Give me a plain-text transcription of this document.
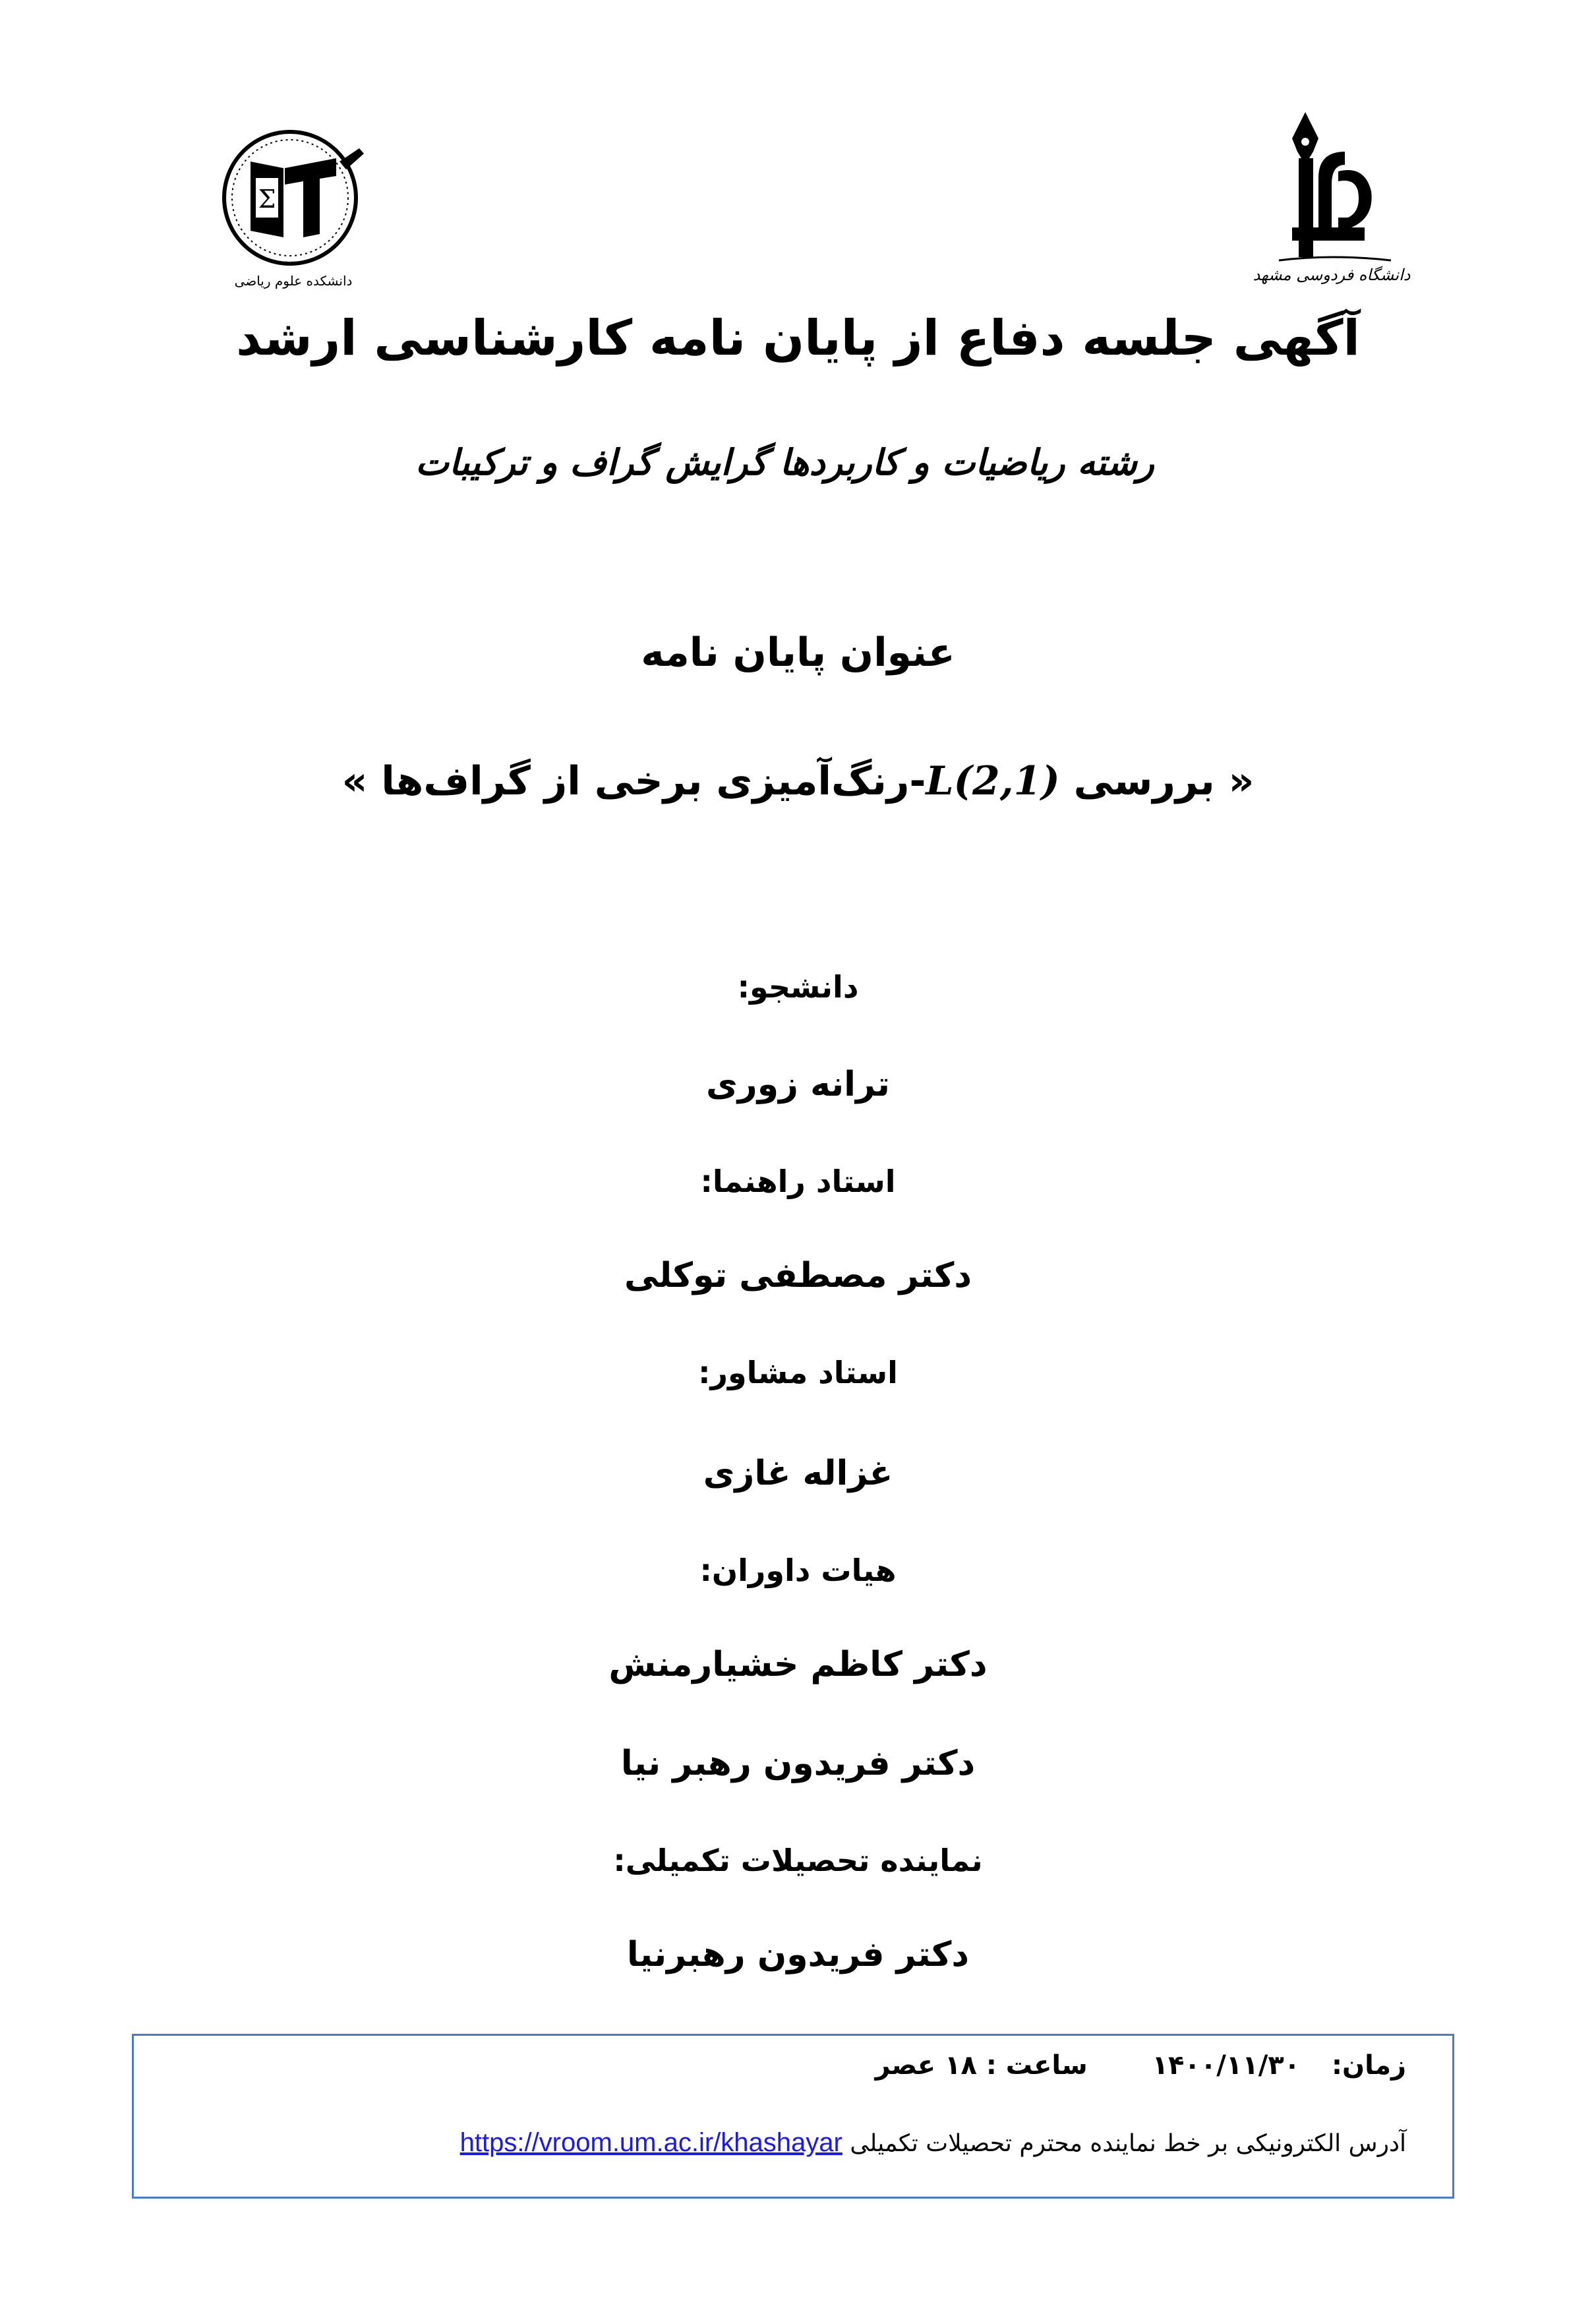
Σ
دانشکده علوم ریاضی	دانشگاه فردوسی مشهد
آگهی جلسه دفاع از پایان نامه کارشناسی ارشد
رشته ریاضیات و کاربردها گرایش گراف و ترکیبات
عنوان پایان نامه
« بررسی L(2,1)-رنگ‌آمیزی برخی از گراف‌ها »
دانشجو:
ترانه زوری
استاد راهنما:
دکتر مصطفی توکلی
استاد مشاور:
غزاله غازی
هیات داوران:
دکتر کاظم خشیارمنش
دکتر فریدون رهبر نیا
نماینده تحصیلات تکمیلی:
دکتر فریدون رهبرنیا
زمان:  ۱۴۰۰/۱۱/۳۰  ساعت : ۱۸ عصر
آدرس الکترونیکی بر خط نماینده محترم تحصیلات تکمیلی https://vroom.um.ac.ir/khashayar
